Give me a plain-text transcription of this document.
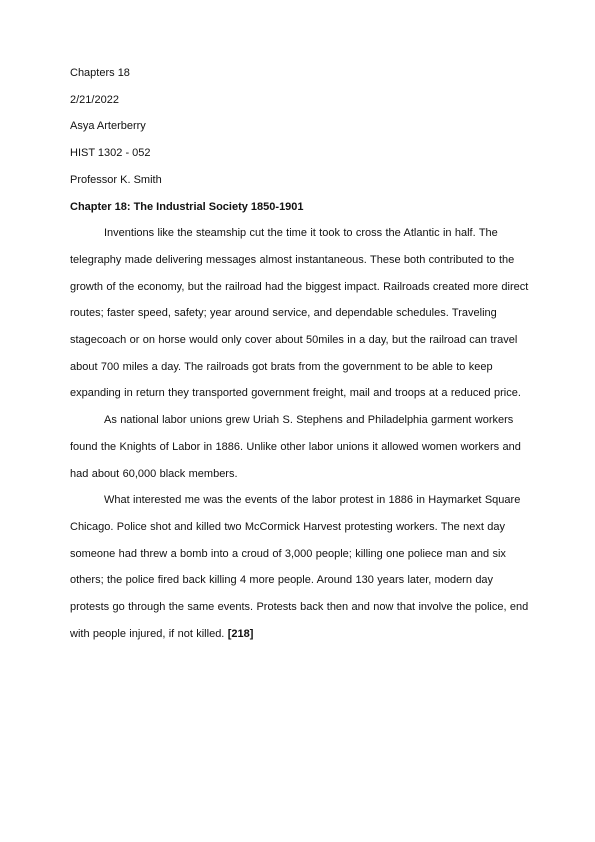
Chapters 18

2/21/2022

Asya Arterberry

HIST 1302 - 052

Professor K. Smith

Chapter 18: The Industrial Society 1850-1901

Inventions like the steamship cut the time it took to cross the Atlantic in half. The telegraphy made delivering messages almost instantaneous. These both contributed to the growth of the economy, but the railroad had the biggest impact. Railroads created more direct routes; faster speed, safety; year around service, and dependable schedules. Traveling stagecoach or on horse would only cover about 50miles in a day, but the railroad can travel about 700 miles a day. The railroads got brats from the government to be able to keep expanding in return they transported government freight, mail and troops at a reduced price.

As national labor unions grew Uriah S. Stephens and Philadelphia garment workers found the Knights of Labor in 1886. Unlike other labor unions it allowed women workers and had about 60,000 black members.

What interested me was the events of the labor protest in 1886 in Haymarket Square Chicago. Police shot and killed two McCormick Harvest protesting workers. The next day someone had threw a bomb into a croud of 3,000 people; killing one poliece man and six others; the police fired back killing 4 more people. Around 130 years later, modern day protests go through the same events. Protests back then and now that involve the police, end with people injured, if not killed. [218]
